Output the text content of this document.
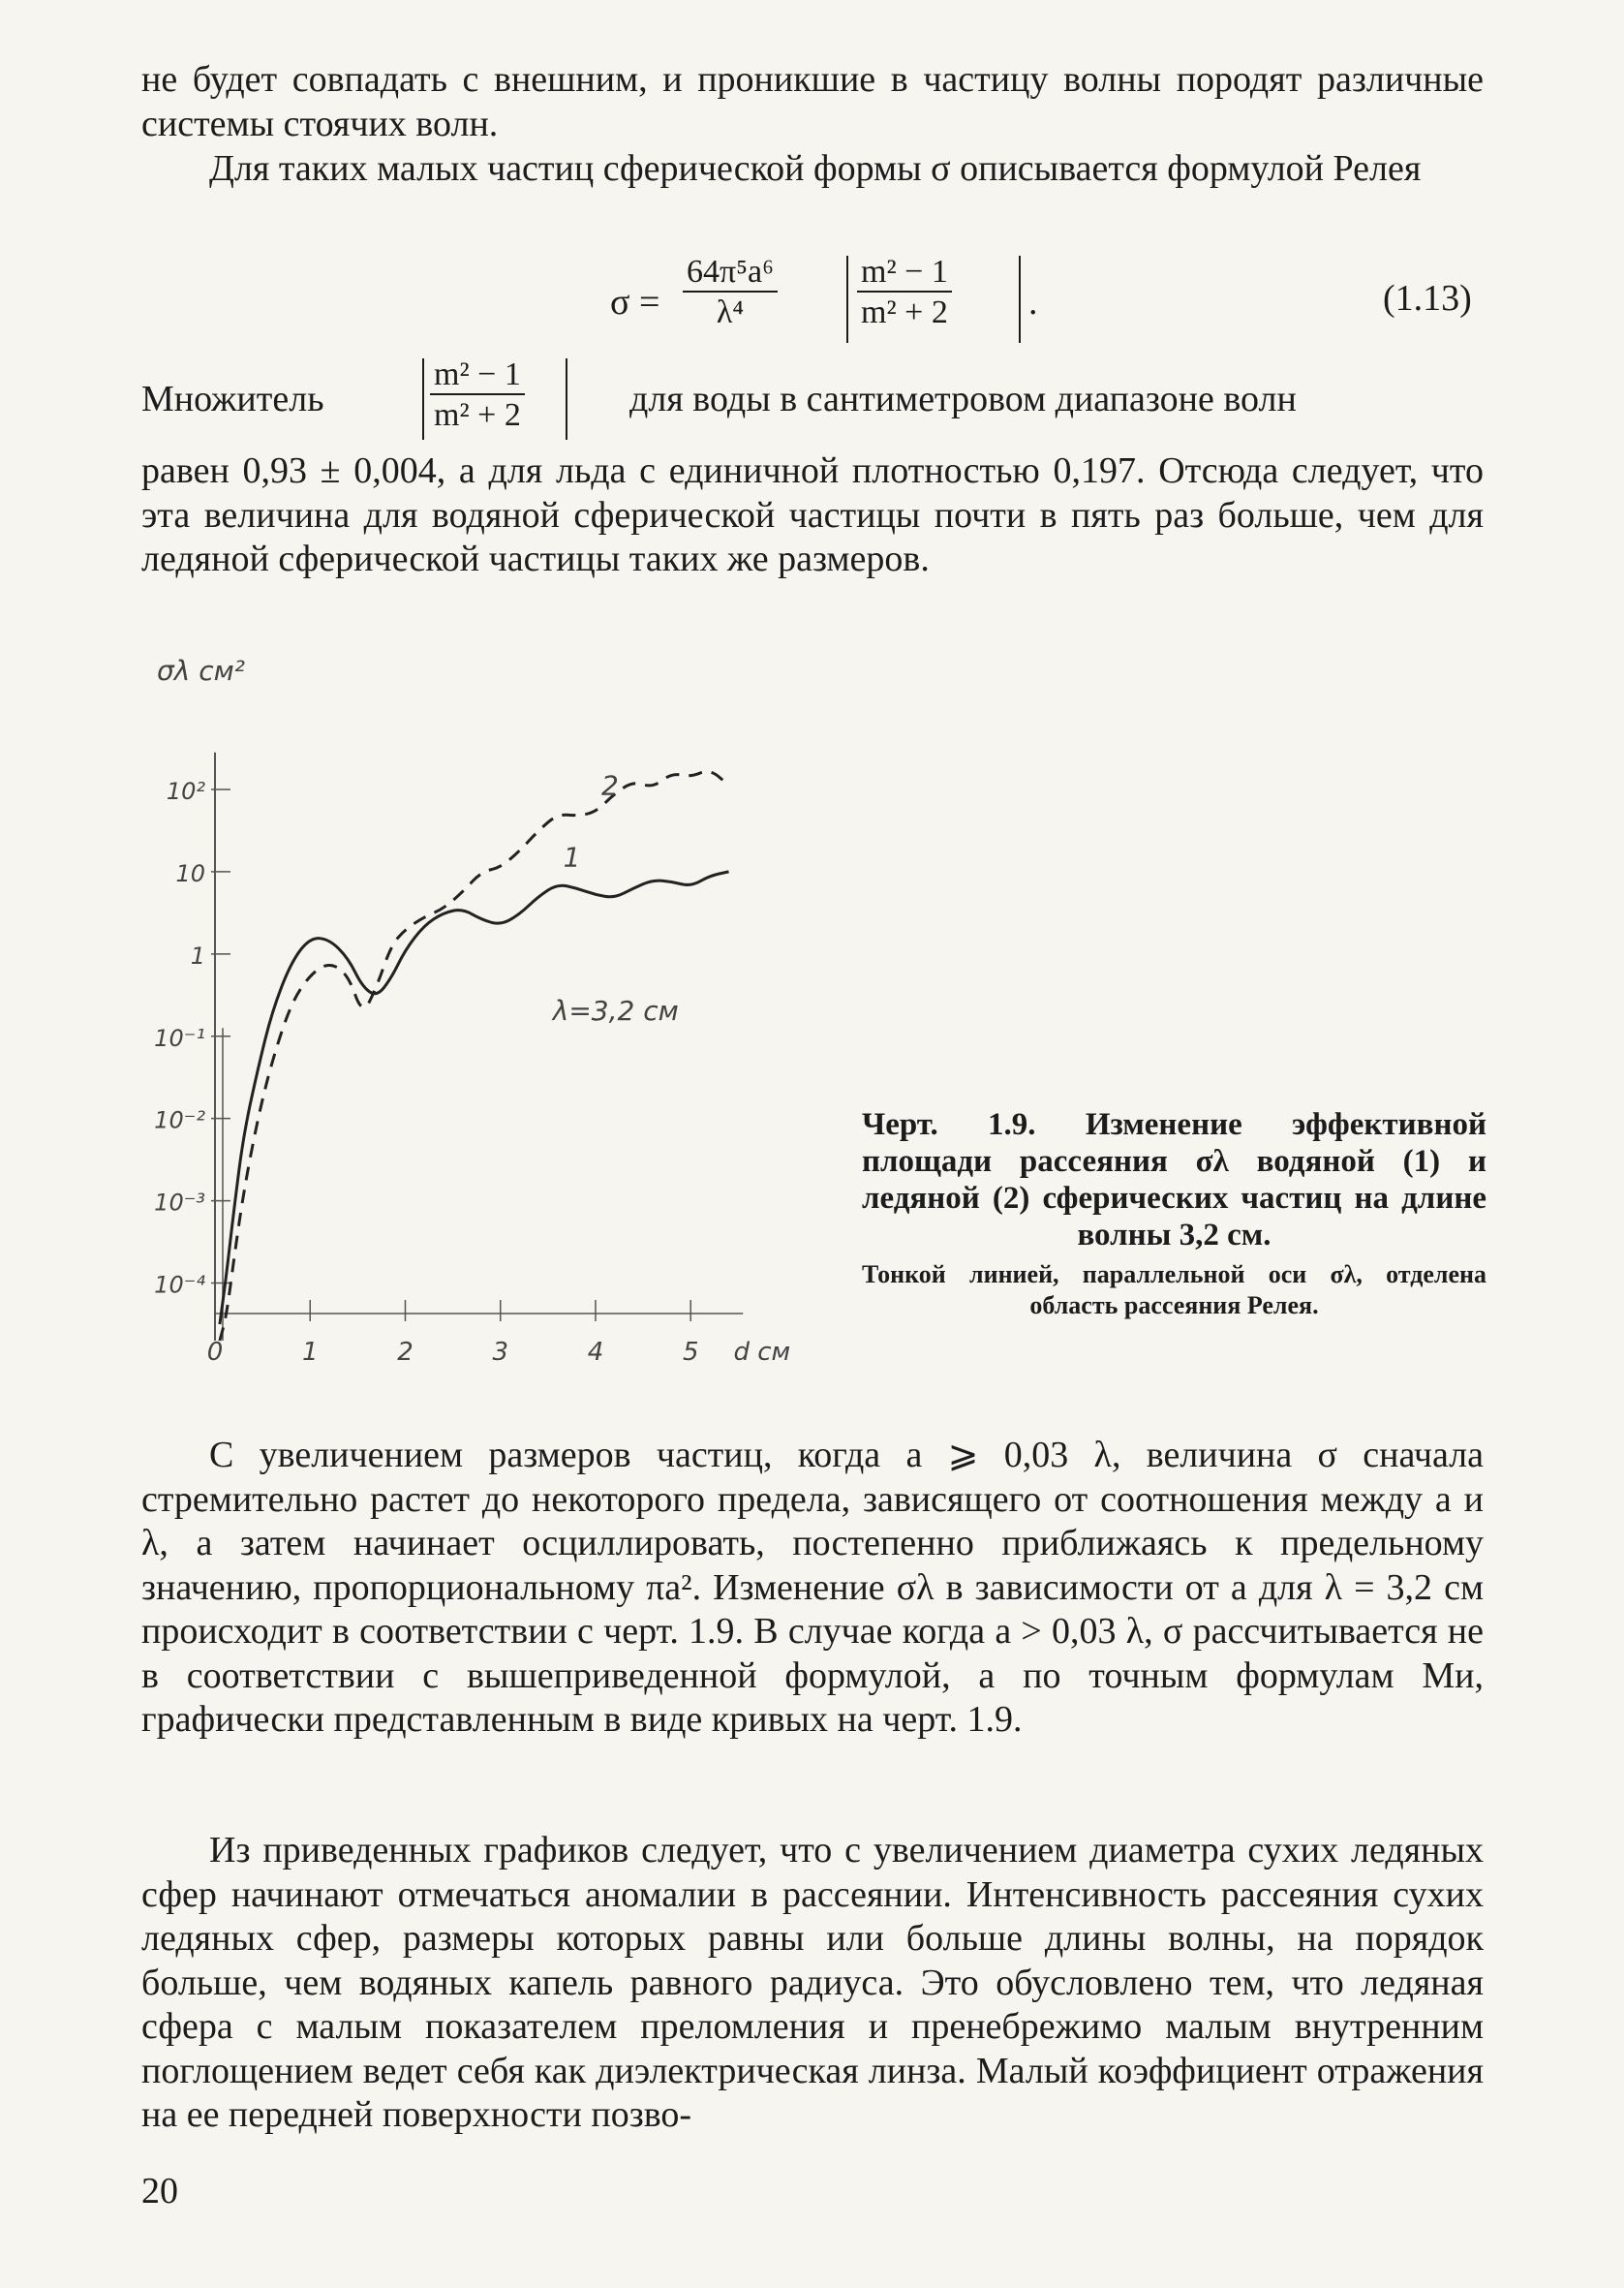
не будет совпадать с внешним, и проникшие в частицу волны породят различные системы стоячих волн.
Для таких малых частиц сферической формы σ описывается формулой Релея
$\sigma = \frac{\text{64π⁵a⁶}}{\text{λ⁴}} \frac{\text{m² − 1}}{\text{m² + 2}}$ .	(1.13)
Множитель	$\frac{\text{m² − 1}}{\text{m² + 2}}$	для воды в сантиметровом диапазоне волн
равен 0,93 ± 0,004, а для льда с единичной плотностью 0,197. Отсюда следует, что эта величина для водяной сферической частицы почти в пять раз больше, чем для ледяной сферической частицы таких же размеров.
10⁻⁴
10⁻³
10⁻²
10⁻¹
1
10
10²
0	1	2	3	4	5
σλ см²
d см
λ=3,2 см
1
2
Черт. 1.9. Изменение эффективной площади рассеяния σλ водяной (1) и ледяной (2) сферических частиц на длине волны 3,2 см.
Тонкой линией, параллельной оси σλ, отделена область рассеяния Релея.
С увеличением размеров частиц, когда a ⩾ 0,03 λ, величина σ сначала стремительно растет до некоторого предела, зависящего от соотношения между a и λ, а затем начинает осциллировать, постепенно приближаясь к предельному значению, пропорциональному πa². Изменение σλ в зависимости от a для λ = 3,2 см происходит в соответствии с черт. 1.9. В случае когда a > 0,03 λ, σ рассчитывается не в соответствии с вышеприведенной формулой, а по точным формулам Ми, графически представленным в виде кривых на черт. 1.9.
Из приведенных графиков следует, что с увеличением диаметра сухих ледяных сфер начинают отмечаться аномалии в рассеянии. Интенсивность рассеяния сухих ледяных сфер, размеры которых равны или больше длины волны, на порядок больше, чем водяных капель равного радиуса. Это обусловлено тем, что ледяная сфера с малым показателем преломления и пренебрежимо малым внутренним поглощением ведет себя как диэлектрическая линза. Малый коэффициент отражения на ее передней поверхности позво-
20
